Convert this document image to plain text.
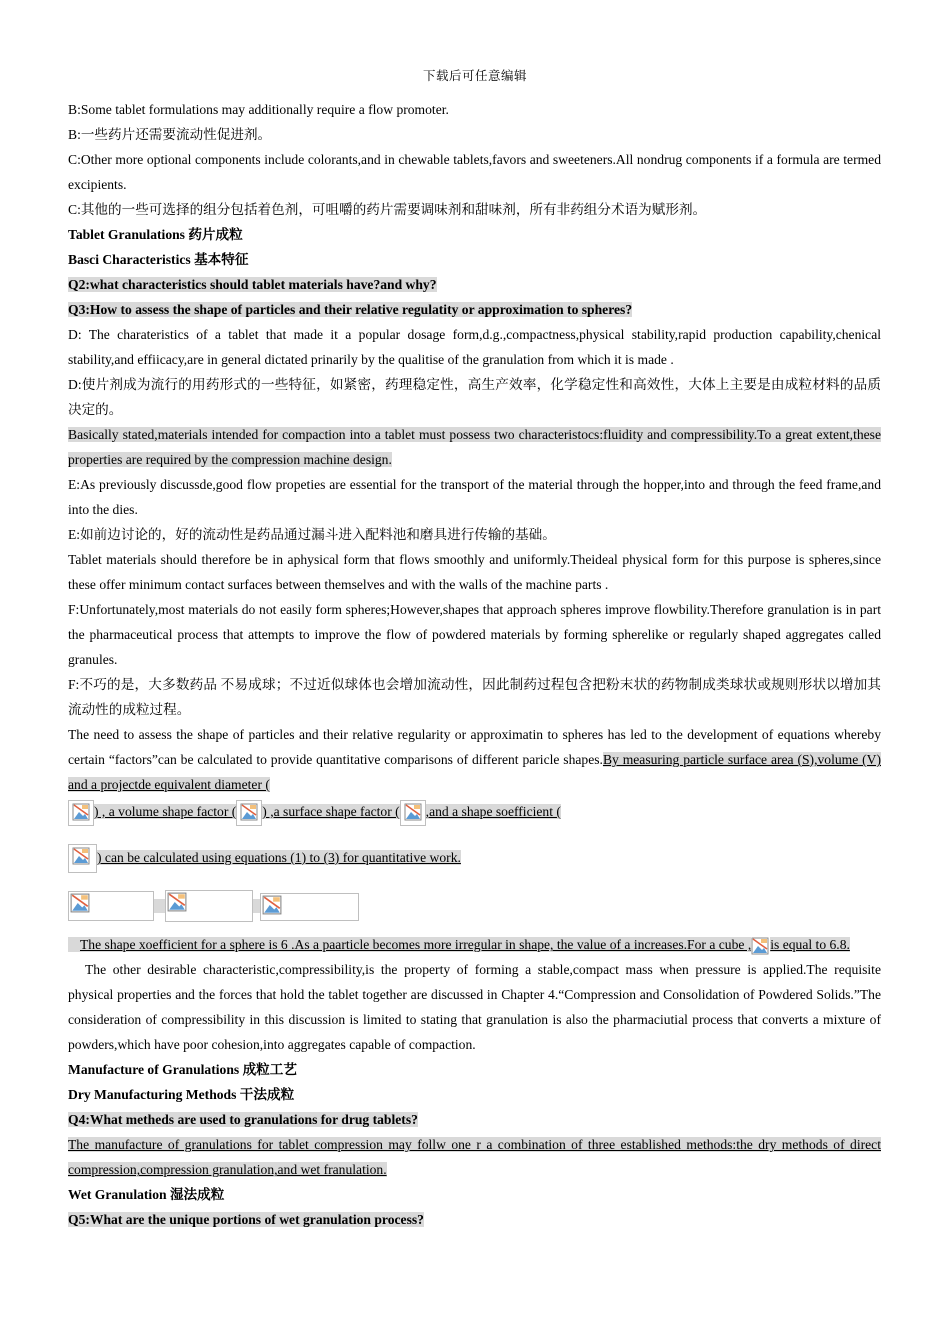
下载后可任意编辑

B:Some tablet formulations may additionally require a flow promoter.

B:一些药片还需要流动性促进剂。

C:Other more optional components include colorants,and in chewable tablets,favors and sweeteners.All nondrug components if a formula are termed excipients.

C:其他的一些可选择的组分包括着色剂，可咀嚼的药片需要调味剂和甜味剂，所有非药组分术语为赋形剂。

Tablet Granulations 药片成粒

Basci Characteristics 基本特征

Q2:what characteristics should tablet materials have?and why?

Q3:How to assess the shape of particles and their relative regulatity or approximation to spheres?

D: The charateristics of a tablet that made it a popular dosage form,d.g.,compactness,physical stability,rapid production capability,chenical stability,and effiicacy,are in general dictated prinarily by the qualitise of the granulation from which it is made .

D:使片剂成为流行的用药形式的一些特征，如紧密，药理稳定性，高生产效率，化学稳定性和高效性，大体上主要是由成粒材料的品质决定的。

Basically stated,materials intended for compaction into a tablet must possess two characteristocs:fluidity and compressibility.To a great extent,these properties are required by the compression machine design.

E:As previously discussde,good flow propeties are essential for the transport of the material through the hopper,into and through the feed frame,and into the dies.

E:如前边讨论的，好的流动性是药品通过漏斗进入配料池和磨具进行传输的基础。

Tablet materials should therefore be in aphysical form that flows smoothly and uniformly.Theideal physical form for this purpose is spheres,since these offer minimum contact surfaces between themselves and with the walls of the machine parts .

F:Unfortunately,most materials do not easily form spheres;However,shapes that approach spheres improve flowbility.Therefore granulation is in part the pharmaceutical process that attempts to improve the flow of powdered materials by forming spherelike or regularly shaped aggregates called granules.

F:不巧的是，大多数药品 不易成球；不过近似球体也会增加流动性，因此制药过程包含把粉末状的药物制成类球状或规则形状以增加其流动性的成粒过程。

The need to assess the shape of particles and their relative regularity or approximatin to spheres has led to the development of equations whereby certain “factors”can be calculated to provide quantitative comparisons of different paricle shapes.By measuring particle surface area (S),volume (V) and a projectde equivalent diameter (

) , a volume shape factor ( ) ,a surface shape factor ( ,and a shape soefficient (

) can be calculated using equations (1) to (3) for quantitative work.

The shape xoefficient for a sphere is 6 .As a paarticle becomes more irregular in shape, the value of a increases.For a cube , is equal to 6.8.

The other desirable characteristic,compressibility,is the property of forming a stable,compact mass when pressure is applied.The requisite physical properties and the forces that hold the tablet together are discussed in Chapter 4.“Compression and Consolidation of Powdered Solids.”The consideration of compressibility in this discussion is limited to stating that granulation is also the pharmaciutial process that converts a mixture of powders,which have poor cohesion,into aggregates capable of compaction.

Manufacture of Granulations 成粒工艺

Dry Manufacturing Methods 干法成粒

Q4:What metheds are used to granulations for drug tablets?

The manufacture of granulations for tablet compression may follw one r a combination of three established methods:the dry methods of direct compression,compression granulation,and wet franulation.

Wet Granulation 湿法成粒

Q5:What are the unique portions of wet granulation process?
